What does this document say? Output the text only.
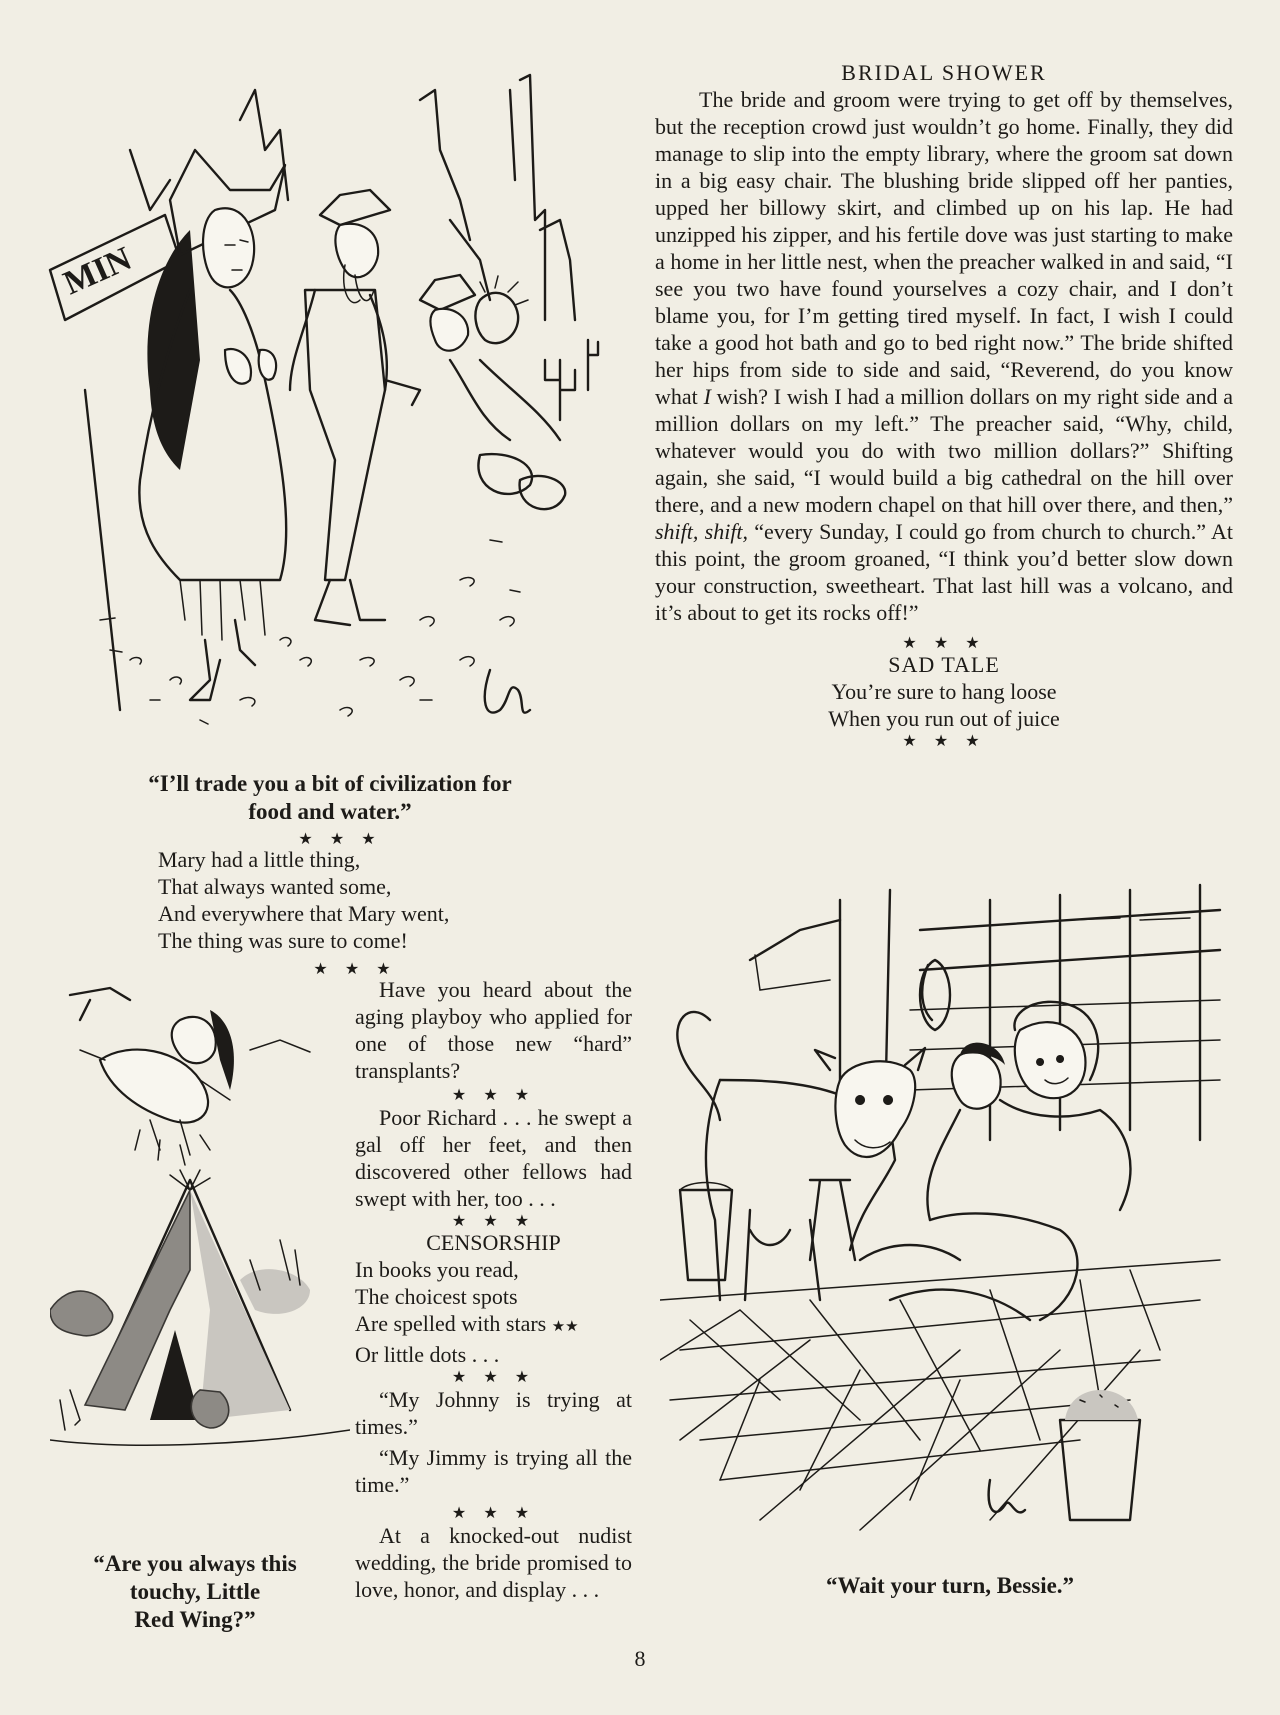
MIN
“I’ll trade you a bit of civilization for
food and water.”
★ ★ ★

Mary had a little thing,
That always wanted some,
And everywhere that Mary went,
The thing was sure to come!

★ ★ ★
“Are you always this
touchy, Little
Red Wing?”

Have you heard about the aging playboy who applied for one of those new “hard” transplants?

★ ★ ★

Poor Richard . . . he swept a gal off her feet, and then discovered other fellows had swept with her, too . . .

★ ★ ★
CENSORSHIP
In books you read,
The choicest spots
Are spelled with stars ★★
Or little dots . . .
★ ★ ★

“My Johnny is trying at times.”

“My Jimmy is trying all the time.”

★ ★ ★

At a knocked-out nudist wedding, the bride promised to love, honor, and display . . .

BRIDAL SHOWER

The bride and groom were trying to get off by themselves, but the reception crowd just wouldn’t go home. Finally, they did manage to slip into the empty library, where the groom sat down in a big easy chair. The blushing bride slipped off her panties, upped her billowy skirt, and climbed up on his lap. He had unzipped his zipper, and his fertile dove was just starting to make a home in her little nest, when the preacher walked in and said, “I see you two have found yourselves a cozy chair, and I don’t blame you, for I’m getting tired myself. In fact, I wish I could take a good hot bath and go to bed right now.” The bride shifted her hips from side to side and said, “Reverend, do you know what I wish? I wish I had a million dollars on my right side and a million dollars on my left.” The preacher said, “Why, child, whatever would you do with two million dollars?” Shifting again, she said, “I would build a big cathedral on the hill over there, and a new modern chapel on that hill over there, and then,” shift, shift, “every Sunday, I could go from church to church.” At this point, the groom groaned, “I think you’d better slow down your construction, sweetheart. That last hill was a volcano, and it’s about to get its rocks off!”

★ ★ ★
SAD TALE
You’re sure to hang loose
When you run out of juice
★ ★ ★
“Wait your turn, Bessie.”
8
